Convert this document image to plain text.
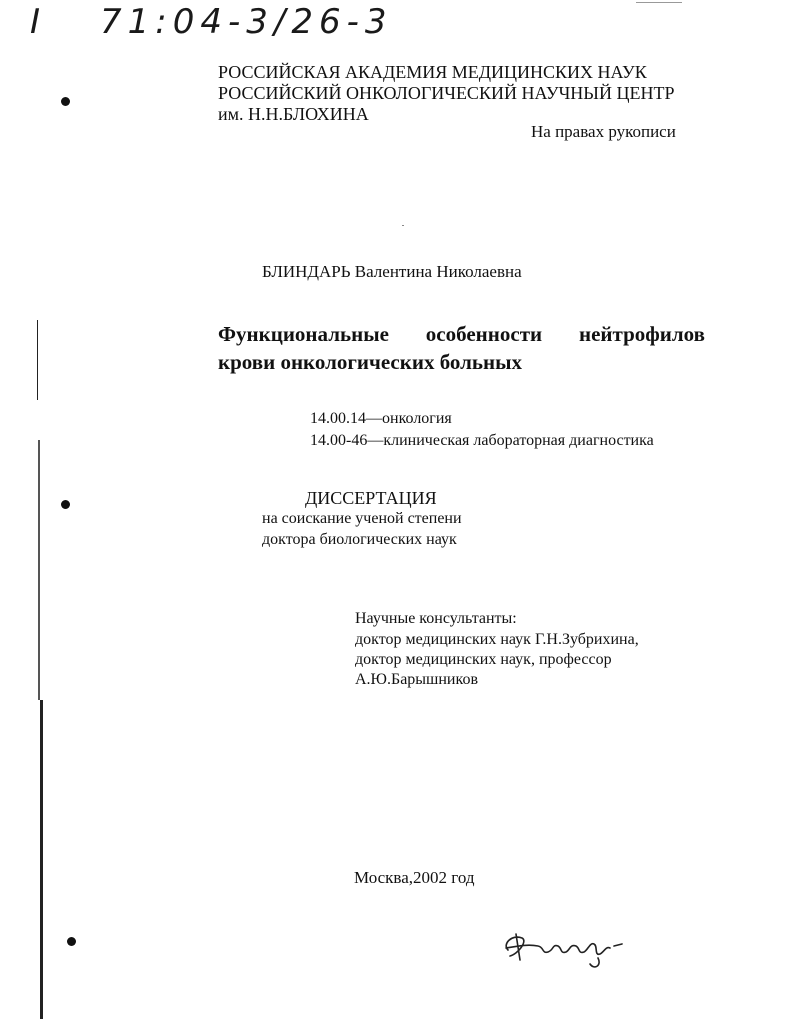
I 71:04-3/26-3
РОССИЙСКАЯ АКАДЕМИЯ МЕДИЦИНСКИХ НАУК
РОССИЙСКИЙ ОНКОЛОГИЧЕСКИЙ НАУЧНЫЙ ЦЕНТР
им. Н.Н.БЛОХИНА
На правах рукописи
БЛИНДАРЬ Валентина Николаевна
Функциональные особенности нейтрофилов
крови онкологических больных
14.00.14—онкология
14.00-46—клиническая лабораторная диагностика
ДИССЕРТАЦИЯ
на соискание ученой степени
доктора биологических наук
Научные консультанты:
доктор медицинских наук Г.Н.Зубрихина,
доктор медицинских наук, профессор
А.Ю.Барышников
Москва,2002 год
